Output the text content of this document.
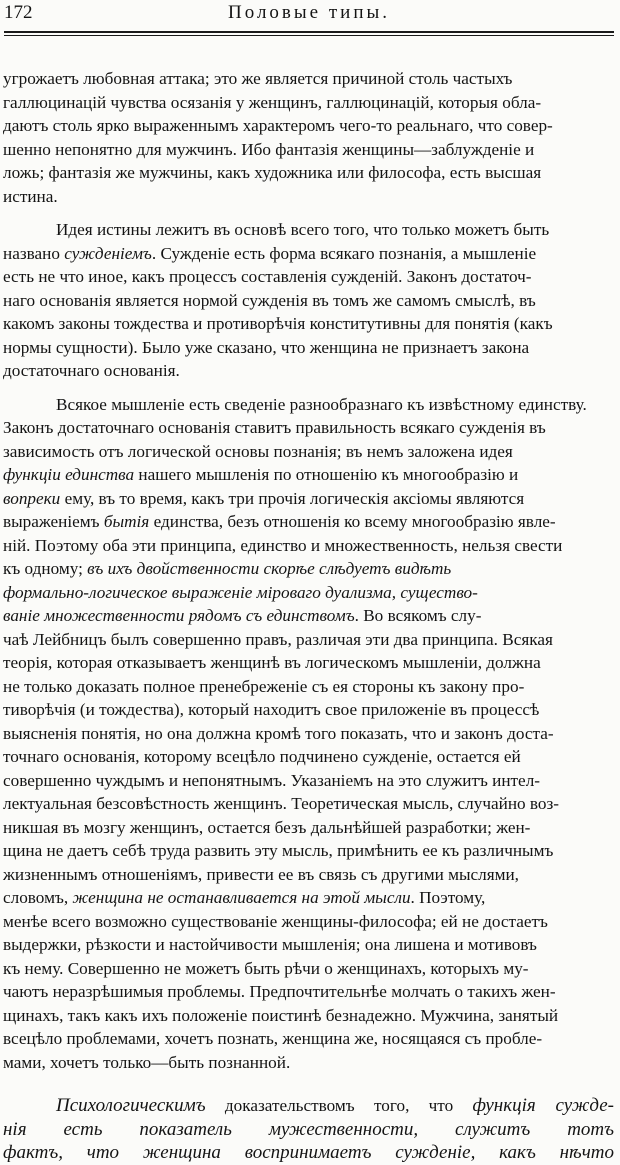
172	Половые типы.

угрожаетъ любовная аттака; это же является причиной столь частыхъ
галлюцинацій чувства осязанія у женщинъ, галлюцинацій, которыя обла-
даютъ столь ярко выраженнымъ характеромъ чего-то реальнаго, что совер-
шенно непонятно для мужчинъ. Ибо фантазія женщины—заблужденіе и
ложь; фантазія же мужчины, какъ художника или философа, есть высшая
истина.

Идея истины лежитъ въ основѣ всего того, что только можетъ быть
названо сужденіемъ. Сужденіе есть форма всякаго познанія, а мышленіе
есть не что иное, какъ процессъ составленія сужденій. Законъ достаточ-
наго основанія является нормой сужденія въ томъ же самомъ смыслѣ, въ
какомъ законы тождества и противорѣчія конститутивны для понятія (какъ
нормы сущности). Было уже сказано, что женщина не признаетъ закона
достаточнаго основанія.

Всякое мышленіе есть сведеніе разнообразнаго къ извѣстному единству.
Законъ достаточнаго основанія ставитъ правильность всякаго сужденія въ
зависимость отъ логической основы познанія; въ немъ заложена идея
функціи единства нашего мышленія по отношенію къ многообразію и
вопреки ему, въ то время, какъ три прочія логическія аксіомы являются
выраженіемъ бытія единства, безъ отношенія ко всему многообразію явле-
ній. Поэтому оба эти принципа, единство и множественность, нельзя свести
къ одному; въ ихъ двойственности скорѣе слѣдуетъ видѣть
формально-логическое выраженіе міроваго дуализма, существо-
ваніе множественности рядомъ съ единствомъ. Во всякомъ слу-
чаѣ Лейбницъ былъ совершенно правъ, различая эти два принципа. Всякая
теорія, которая отказываетъ женщинѣ въ логическомъ мышленіи, должна
не только доказать полное пренебреженіе съ ея стороны къ закону про-
тиворѣчія (и тождества), который находитъ свое приложеніе въ процессѣ
выясненія понятія, но она должна кромѣ того показать, что и законъ доста-
точнаго основанія, которому всецѣло подчинено сужденіе, остается ей
совершенно чуждымъ и непонятнымъ. Указаніемъ на это служитъ интел-
лектуальная безсовѣстность женщинъ. Теоретическая мысль, случайно воз-
никшая въ мозгу женщинъ, остается безъ дальнѣйшей разработки; жен-
щина не даетъ себѣ труда развить эту мысль, примѣнить ее къ различнымъ
жизненнымъ отношеніямъ, привести ее въ связь съ другими мыслями,
словомъ, женщина не останавливается на этой мысли. Поэтому,
менѣе всего возможно существованіе женщины-философа; ей не достаетъ
выдержки, рѣзкости и настойчивости мышленія; она лишена и мотивовъ
къ нему. Совершенно не можетъ быть рѣчи о женщинахъ, которыхъ му-
чаютъ неразрѣшимыя проблемы. Предпочтительнѣе молчать о такихъ жен-
щинахъ, такъ какъ ихъ положеніе поистинѣ безнадежно. Мужчина, занятый
всецѣло проблемами, хочетъ познать, женщина же, носящаяся съ пробле-
мами, хочетъ только—быть познанной.

Психологическимъ доказательствомъ того, что функція сужде-
нія есть показатель мужественности, служитъ тотъ
фактъ, что женщина воспринимаетъ сужденіе, какъ нѣчто
